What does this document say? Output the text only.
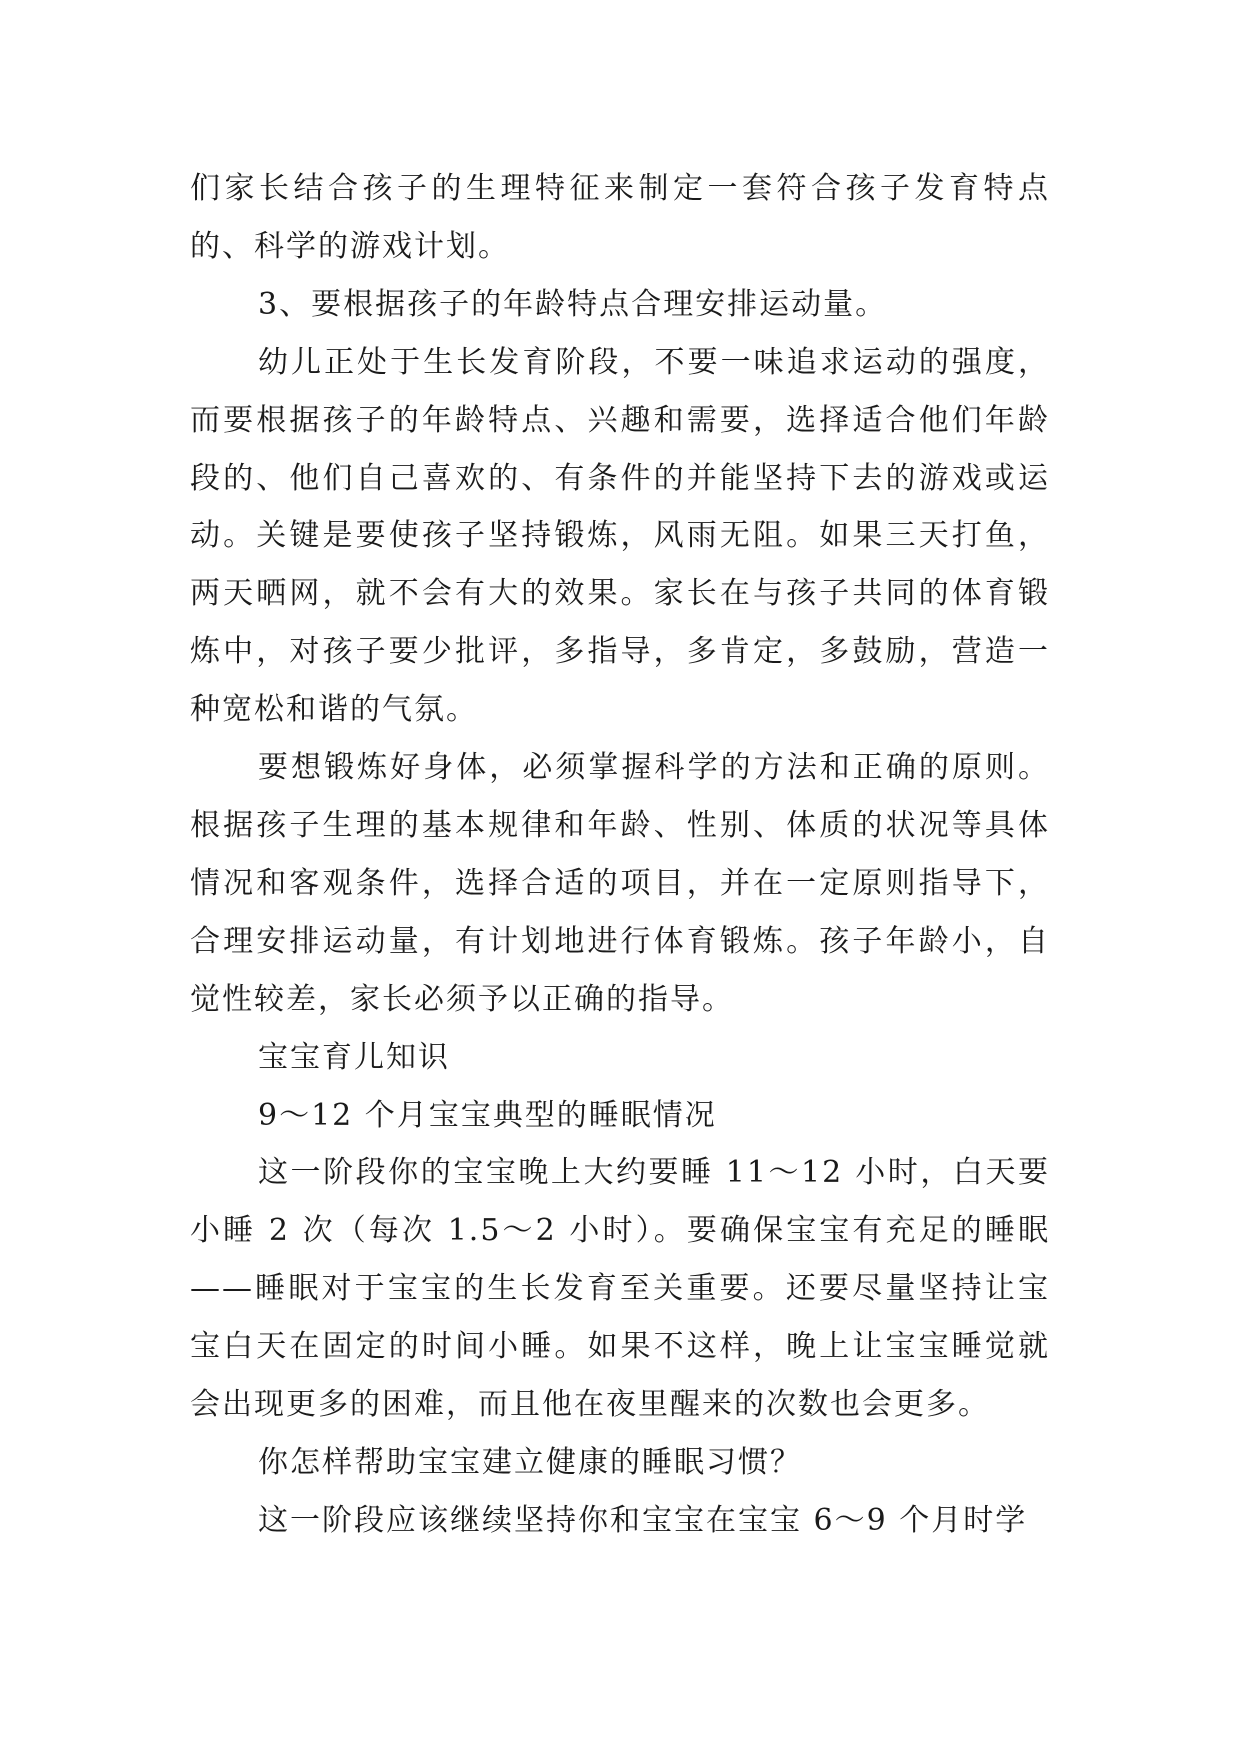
们家长结合孩子的生理特征来制定一套符合孩子发育特点的、科学的游戏计划。

3、要根据孩子的年龄特点合理安排运动量。

幼儿正处于生长发育阶段，不要一味追求运动的强度，而要根据孩子的年龄特点、兴趣和需要，选择适合他们年龄段的、他们自己喜欢的、有条件的并能坚持下去的游戏或运动。关键是要使孩子坚持锻炼，风雨无阻。如果三天打鱼，两天晒网，就不会有大的效果。家长在与孩子共同的体育锻炼中，对孩子要少批评，多指导，多肯定，多鼓励，营造一种宽松和谐的气氛。

要想锻炼好身体，必须掌握科学的方法和正确的原则。根据孩子生理的基本规律和年龄、性别、体质的状况等具体情况和客观条件，选择合适的项目，并在一定原则指导下，合理安排运动量，有计划地进行体育锻炼。孩子年龄小，自觉性较差，家长必须予以正确的指导。

宝宝育儿知识

9～12 个月宝宝典型的睡眠情况

这一阶段你的宝宝晚上大约要睡 11～12 小时，白天要小睡 2 次（每次 1.5～2 小时）。要确保宝宝有充足的睡眠——睡眠对于宝宝的生长发育至关重要。还要尽量坚持让宝宝白天在固定的时间小睡。如果不这样，晚上让宝宝睡觉就会出现更多的困难，而且他在夜里醒来的次数也会更多。

你怎样帮助宝宝建立健康的睡眠习惯？

这一阶段应该继续坚持你和宝宝在宝宝 6～9 个月时学
